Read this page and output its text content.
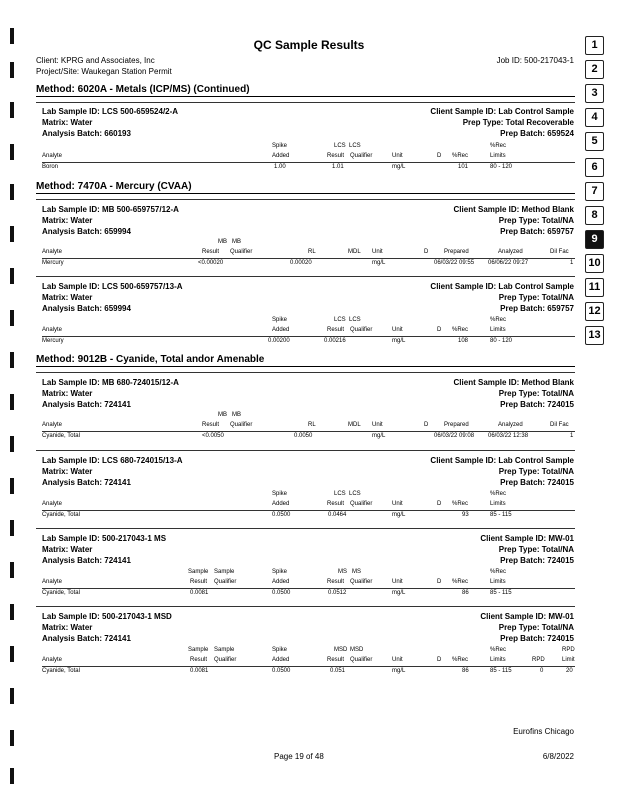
QC Sample Results
Client: KPRG and Associates, Inc
Project/Site: Waukegan Station Permit
Job ID: 500-217043-1
Method: 6020A - Metals (ICP/MS) (Continued)
Lab Sample ID: LCS 500-659524/2-A
Matrix: Water
Analysis Batch: 660193
Client Sample ID: Lab Control Sample
Prep Type: Total Recoverable
Prep Batch: 659524
Spike	LCS LCS	%Rec
Analyte	Added	Result Qualifier	Unit	D %Rec	Limits
Boron	1.00	1.01	mg/L	101	80 - 120
Method: 7470A - Mercury (CVAA)
Lab Sample ID: MB 500-659757/12-A
Matrix: Water
Analysis Batch: 659994
Client Sample ID: Method Blank
Prep Type: Total/NA
Prep Batch: 659757
MB MB
Analyte	Result Qualifier	RL	MDL Unit	D	Prepared	Analyzed	Dil Fac
Mercury	<0.00020	0.00020	mg/L	06/03/22 09:55 06/06/22 09:27	1
Lab Sample ID: LCS 500-659757/13-A
Matrix: Water
Analysis Batch: 659994
Client Sample ID: Lab Control Sample
Prep Type: Total/NA
Prep Batch: 659757
Spike	LCS LCS	%Rec
Analyte	Added	Result Qualifier	Unit	D %Rec	Limits
Mercury	0.00200	0.00216	mg/L	108	80 - 120
Method: 9012B - Cyanide, Total andor Amenable
Lab Sample ID: MB 680-724015/12-A
Matrix: Water
Analysis Batch: 724141
Client Sample ID: Method Blank
Prep Type: Total/NA
Prep Batch: 724015
MB MB
Analyte	Result Qualifier	RL	MDL Unit	D	Prepared	Analyzed	Dil Fac
Cyanide, Total	<0.0050	0.0050	mg/L	06/03/22 09:08 06/03/22 12:38	1
Lab Sample ID: LCS 680-724015/13-A
Matrix: Water
Analysis Batch: 724141
Client Sample ID: Lab Control Sample
Prep Type: Total/NA
Prep Batch: 724015
Spike	LCS LCS	%Rec
Analyte	Added	Result Qualifier	Unit	D %Rec	Limits
Cyanide, Total	0.0500	0.0464	mg/L	93	85 - 115
Lab Sample ID: 500-217043-1 MS
Matrix: Water
Analysis Batch: 724141
Client Sample ID: MW-01
Prep Type: Total/NA
Prep Batch: 724015
Sample Sample	Spike	MS MS	%Rec
Analyte	Result Qualifier	Added	Result Qualifier	Unit	D %Rec	Limits
Cyanide, Total	0.0081	0.0500	0.0512	mg/L	86	85 - 115
Lab Sample ID: 500-217043-1 MSD
Matrix: Water
Analysis Batch: 724141
Client Sample ID: MW-01
Prep Type: Total/NA
Prep Batch: 724015
Sample Sample	Spike	MSD MSD	%Rec	RPD
Analyte	Result Qualifier	Added	Result Qualifier	Unit	D %Rec	Limits	RPD	Limit
Cyanide, Total	0.0081	0.0500	0.051	mg/L	86	85 - 115	0	20
1
2
3
4
5
6
7
8
9
10
11
12
13
Eurofins Chicago
Page 19 of 48	6/8/2022
